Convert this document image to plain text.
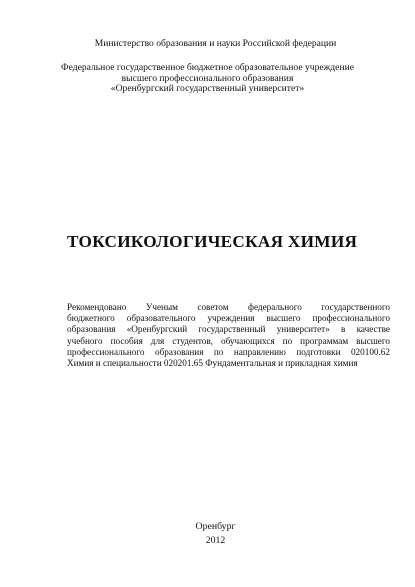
Министерство образования и науки Российской федерации
Федеральное государственное бюджетное образовательное учреждение
высшего профессионального образования
«Оренбургский государственный университет»
ТОКСИКОЛОГИЧЕСКАЯ ХИМИЯ
Рекомендовано Ученым советом федерального государственного
бюджетного образовательного учреждения высшего профессионального
образования «Оренбургский государственный университет» в качестве
учебного пособия для студентов, обучающихся по программам высшего
профессионального образования по направлению подготовки 020100.62
Химия и специальности 020201.65 Фундаментальная и прикладная химия
Оренбург
2012
